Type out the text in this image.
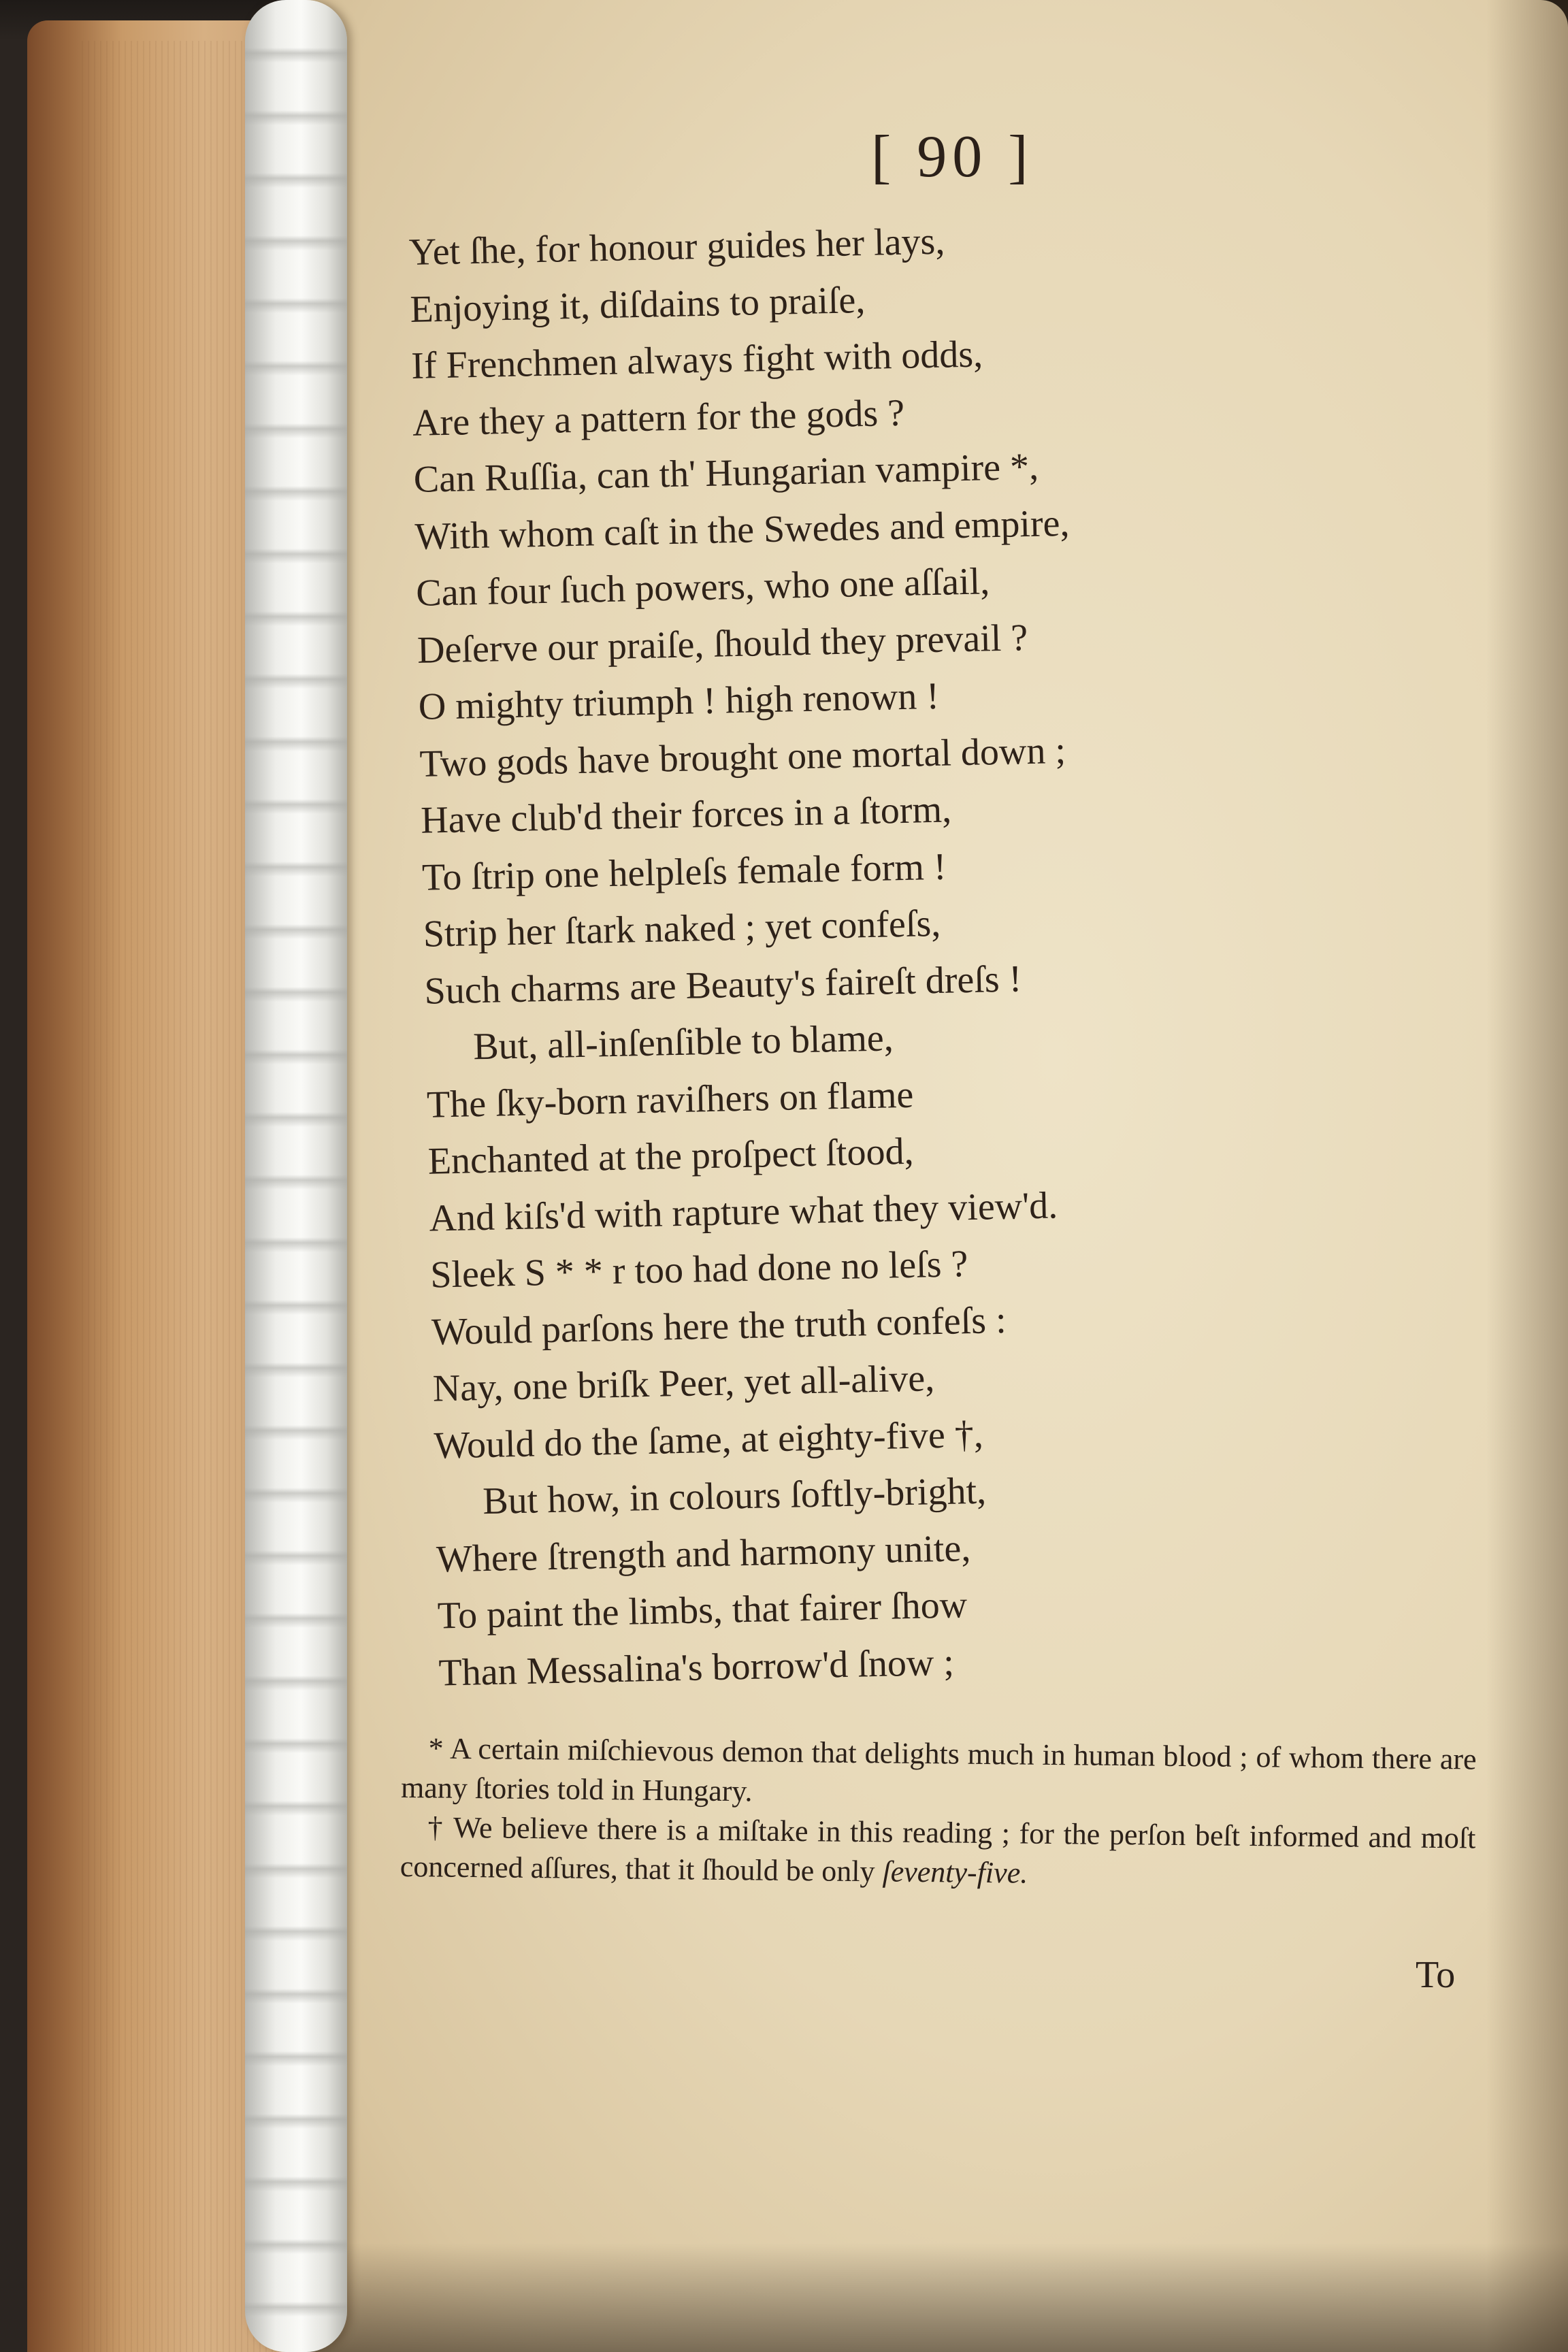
[ 90 ]
Yet ſhe, for honour guides her lays,
Enjoying it, diſdains to praiſe,
If Frenchmen always fight with odds,
Are they a pattern for the gods ?
Can Ruſſia, can th' Hungarian vampire *,
With whom caſt in the Swedes and empire,
Can four ſuch powers, who one aſſail,
Deſerve our praiſe, ſhould they prevail ?
O mighty triumph ! high renown !
Two gods have brought one mortal down ;
Have club'd their forces in a ſtorm,
To ſtrip one helpleſs female form !
Strip her ſtark naked ; yet confeſs,
Such charms are Beauty's faireſt dreſs !
But, all-inſenſible to blame,
The ſky-born raviſhers on flame
Enchanted at the proſpect ſtood,
And kiſs'd with rapture what they view'd.
Sleek S * * r too had done no leſs ?
Would parſons here the truth confeſs :
Nay, one briſk Peer, yet all-alive,
Would do the ſame, at eighty-five †,
But how, in colours ſoftly-bright,
Where ſtrength and harmony unite,
To paint the limbs, that fairer ſhow
Than Messalina's borrow'd ſnow ;
* A certain miſchievous demon that delights much in human blood ; of whom there are many ſtories told in Hungary.
† We believe there is a miſtake in this reading ; for the perſon beſt informed and moſt concerned aſſures, that it ſhould be only ſeventy-five.
To
